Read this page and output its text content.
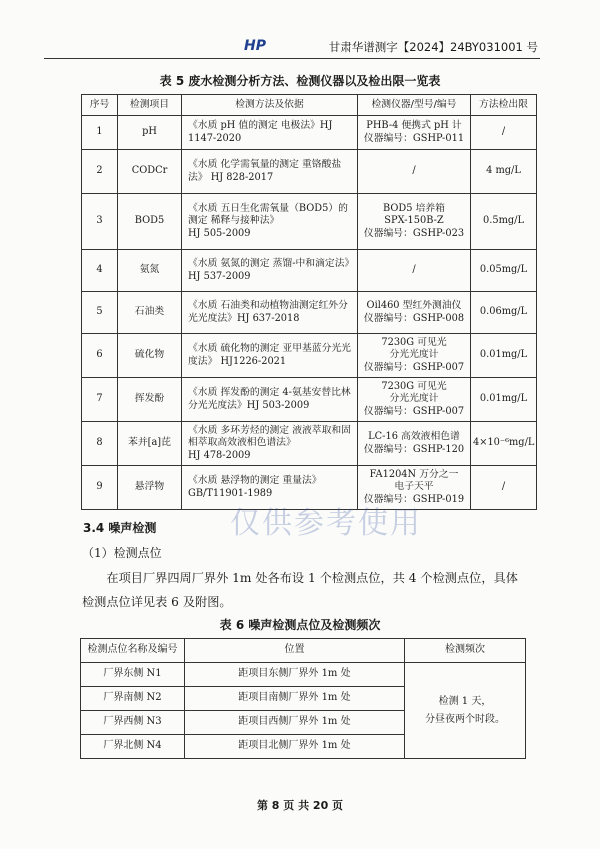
HP	甘肃华谱测字【2024】24BY031001 号
表 5 废水检测分析方法、检测仪器以及检出限一览表
序号	检测项目	检测方法及依据	检测仪器/型号/编号	方法检出限
1	pH	《水质 pH 值的测定 电极法》HJ 1147-2020	PHB-4 便携式 pH 计
仪器编号：GSHP-011	/
2	CODCr	《水质 化学需氧量的测定 重铬酸盐法》 HJ 828-2017	/	4 mg/L
3	BOD5	《水质 五日生化需氧量（BOD5）的测定 稀释与接种法》
HJ 505-2009	BOD5 培养箱
SPX-150B-Z
仪器编号：GSHP-023	0.5mg/L
4	氨氮	《水质 氨氮的测定 蒸馏-中和滴定法》HJ 537-2009	/	0.05mg/L
5	石油类	《水质 石油类和动植物油测定红外分光光度法》HJ 637-2018	Oil460 型红外测油仪
仪器编号：GSHP-008	0.06mg/L
6	硫化物	《水质 硫化物的测定 亚甲基蓝分光光度法》 HJ1226-2021	7230G 可见光
分光光度计
仪器编号：GSHP-007	0.01mg/L
7	挥发酚	《水质 挥发酚的测定 4-氨基安替比林分光光度法》HJ 503-2009	7230G 可见光
分光光度计
仪器编号：GSHP-007	0.01mg/L
8	苯并[a]芘	《水质 多环芳烃的测定 液液萃取和固相萃取高效液相色谱法》
HJ 478-2009	LC-16 高效液相色谱
仪器编号：GSHP-120	4×10⁻⁶mg/L
9	悬浮物	《水质 悬浮物的测定 重量法》
GB/T11901-1989	FA1204N 万分之一
电子天平
仪器编号：GSHP-019	/
3.4 噪声检测
（1）检测点位
在项目厂界四周厂界外 1m 处各布设 1 个检测点位，共 4 个检测点位，具体检测点位详见表 6 及附图。
表 6 噪声检测点位及检测频次
检测点位名称及编号	位置	检测频次
厂界东侧 N1	距项目东侧厂界外 1m 处	检测 1 天，
分昼夜两个时段。
厂界南侧 N2	距项目南侧厂界外 1m 处	
厂界西侧 N3	距项目西侧厂界外 1m 处	
厂界北侧 N4	距项目北侧厂界外 1m 处	
第 8 页 共 20 页
仅供参考使用
